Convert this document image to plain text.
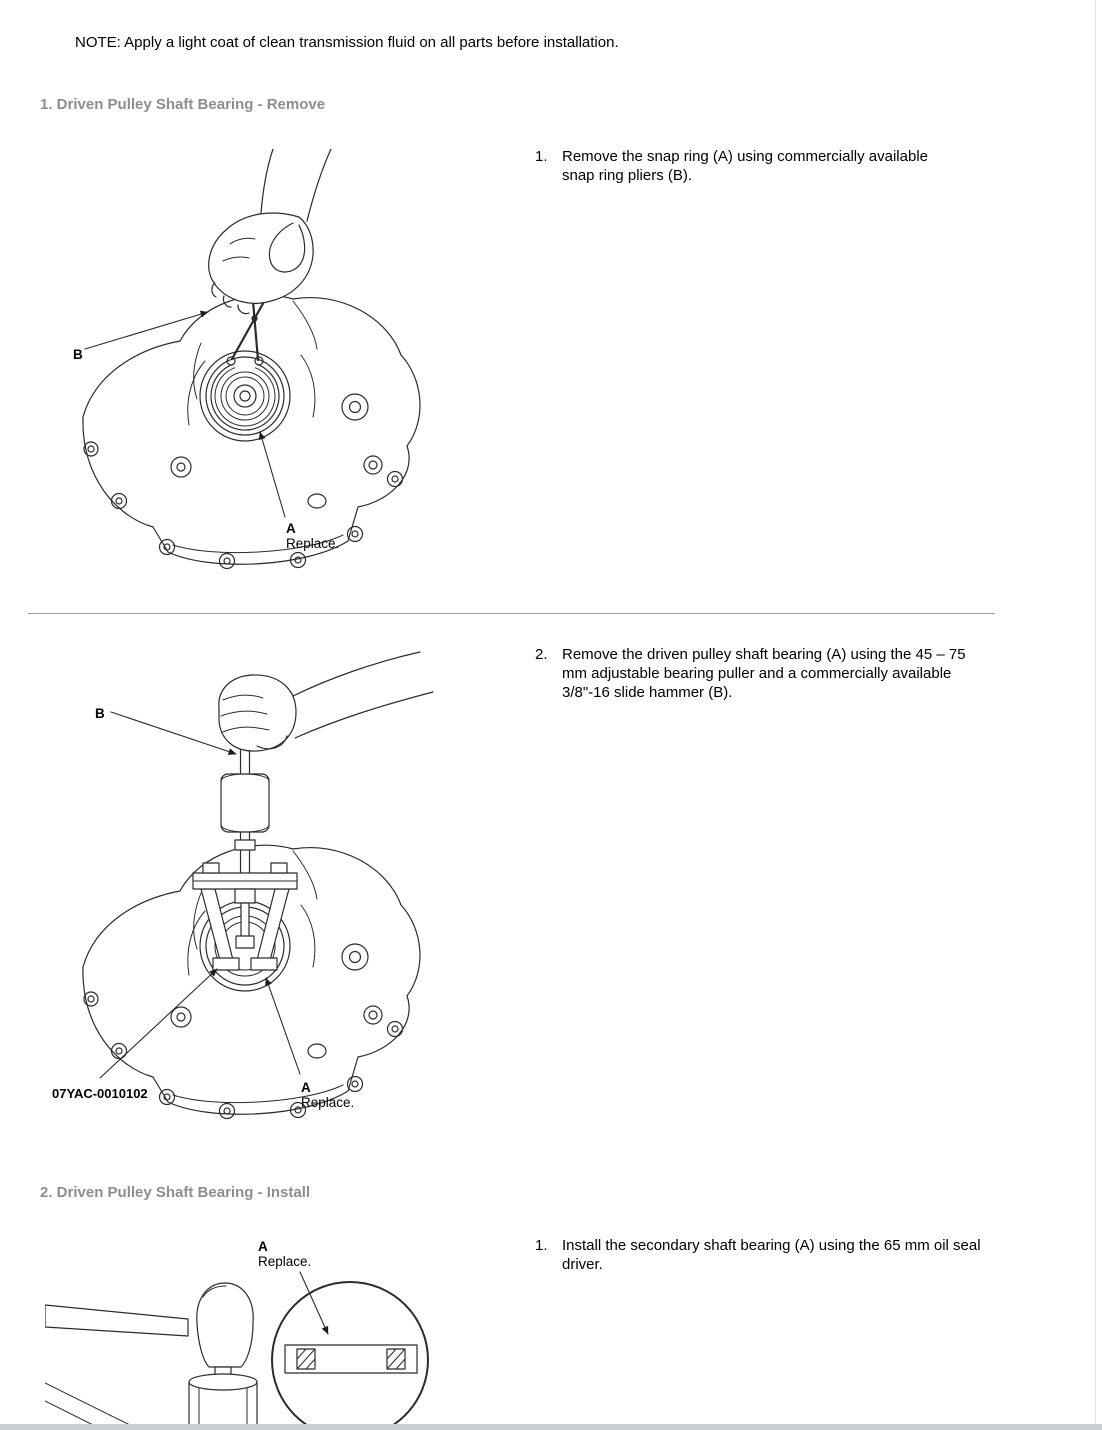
NOTE: Apply a light coat of clean transmission fluid on all parts before installation.
1. Driven Pulley Shaft Bearing - Remove
B
A
Replace.
1. Remove the snap ring (A) using commercially available snap ring pliers (B).
B
07YAC-0010102	A
Replace.
2. Remove the driven pulley shaft bearing (A) using the 45 – 75 mm adjustable bearing puller and a commercially available 3/8"-16 slide hammer (B).
2. Driven Pulley Shaft Bearing - Install
A
Replace.
1. Install the secondary shaft bearing (A) using the 65 mm oil seal driver.
